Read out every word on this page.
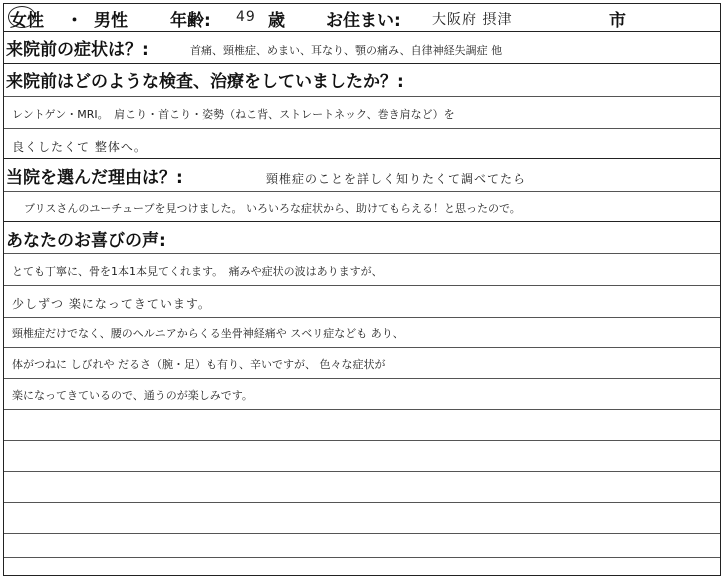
女性 ・ 男性 年齢: 49 歳 お住まい: 大阪府 摂津	市
来院前の症状は？:	首痛、頸椎症、めまい、耳なり、顎の痛み、自律神経失調症 他
来院前はどのような検査、治療をしていましたか？:
レントゲン・MRI。　肩こり・首こり・姿勢（ねこ背、ストレートネック、巻き肩など）を
良くしたくて 整体へ。
当院を選んだ理由は？:	頸椎症のことを詳しく知りたくて調べてたら
ブリスさんのユーチューブを見つけました。 いろいろな症状から、助けてもらえる！と思ったので。
あなたのお喜びの声:
とても丁寧に、骨を1本1本見てくれます。　痛みや症状の波はありますが、
少しずつ 楽になってきています。
頸椎症だけでなく、腰のヘルニアからくる坐骨神経痛や スベリ症なども あり、
体がつねに しびれや だるさ（腕・足）も有り、辛いですが、 色々な症状が
楽になってきているので、通うのが楽しみです。
